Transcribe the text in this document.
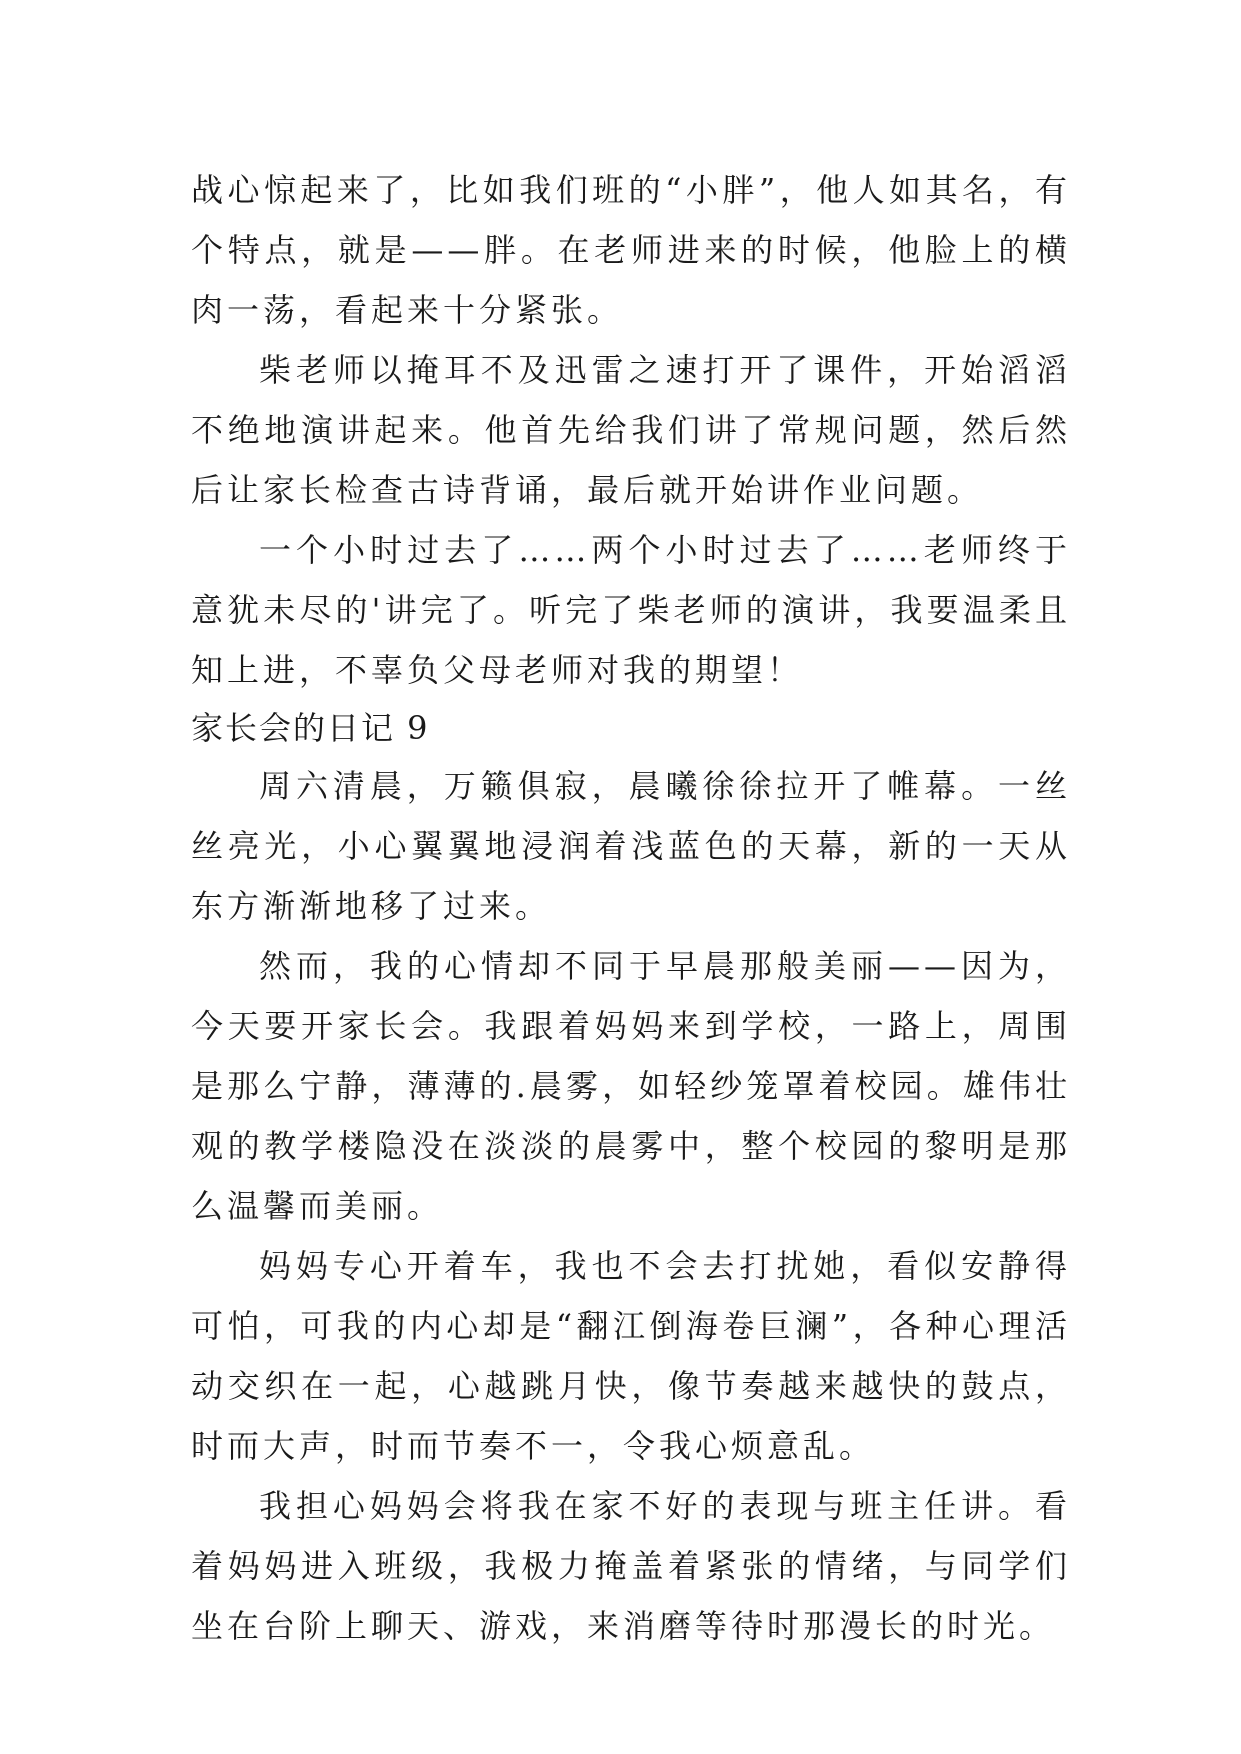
战心惊起来了，比如我们班的“小胖”，他人如其名，有个特点，就是——胖。在老师进来的时候，他脸上的横肉一荡，看起来十分紧张。

柴老师以掩耳不及迅雷之速打开了课件，开始滔滔不绝地演讲起来。他首先给我们讲了常规问题，然后然后让家长检查古诗背诵，最后就开始讲作业问题。

一个小时过去了……两个小时过去了……老师终于意犹未尽的'讲完了。听完了柴老师的演讲，我要温柔且知上进，不辜负父母老师对我的期望！

家长会的日记 9

周六清晨，万籁俱寂，晨曦徐徐拉开了帷幕。一丝丝亮光，小心翼翼地浸润着浅蓝色的天幕，新的一天从东方渐渐地移了过来。

然而，我的心情却不同于早晨那般美丽——因为，今天要开家长会。我跟着妈妈来到学校，一路上，周围是那么宁静，薄薄的.晨雾，如轻纱笼罩着校园。雄伟壮观的教学楼隐没在淡淡的晨雾中，整个校园的黎明是那么温馨而美丽。

妈妈专心开着车，我也不会去打扰她，看似安静得可怕，可我的内心却是“翻江倒海卷巨澜”，各种心理活动交织在一起，心越跳月快，像节奏越来越快的鼓点，时而大声，时而节奏不一，令我心烦意乱。

我担心妈妈会将我在家不好的表现与班主任讲。看着妈妈进入班级，我极力掩盖着紧张的情绪，与同学们坐在台阶上聊天、游戏，来消磨等待时那漫长的时光。
